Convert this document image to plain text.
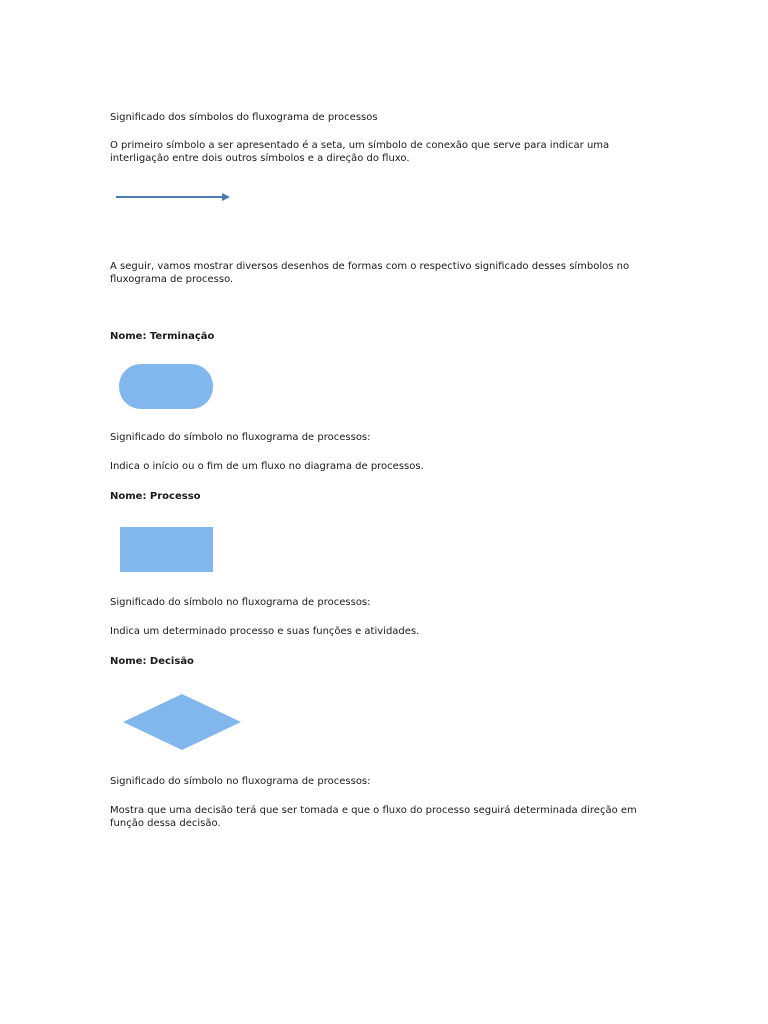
Significado dos símbolos do fluxograma de processos

O primeiro símbolo a ser apresentado é a seta, um símbolo de conexão que serve para indicar uma interligação entre dois outros símbolos e a direção do fluxo.

A seguir, vamos mostrar diversos desenhos de formas com o respectivo significado desses símbolos no fluxograma de processo.

Nome: Terminação

Significado do símbolo no fluxograma de processos:

Indica o início ou o fim de um fluxo no diagrama de processos.

Nome: Processo

Significado do símbolo no fluxograma de processos:

Indica um determinado processo e suas funções e atividades.

Nome: Decisão

Significado do símbolo no fluxograma de processos:

Mostra que uma decisão terá que ser tomada e que o fluxo do processo seguirá determinada direção em função dessa decisão.
